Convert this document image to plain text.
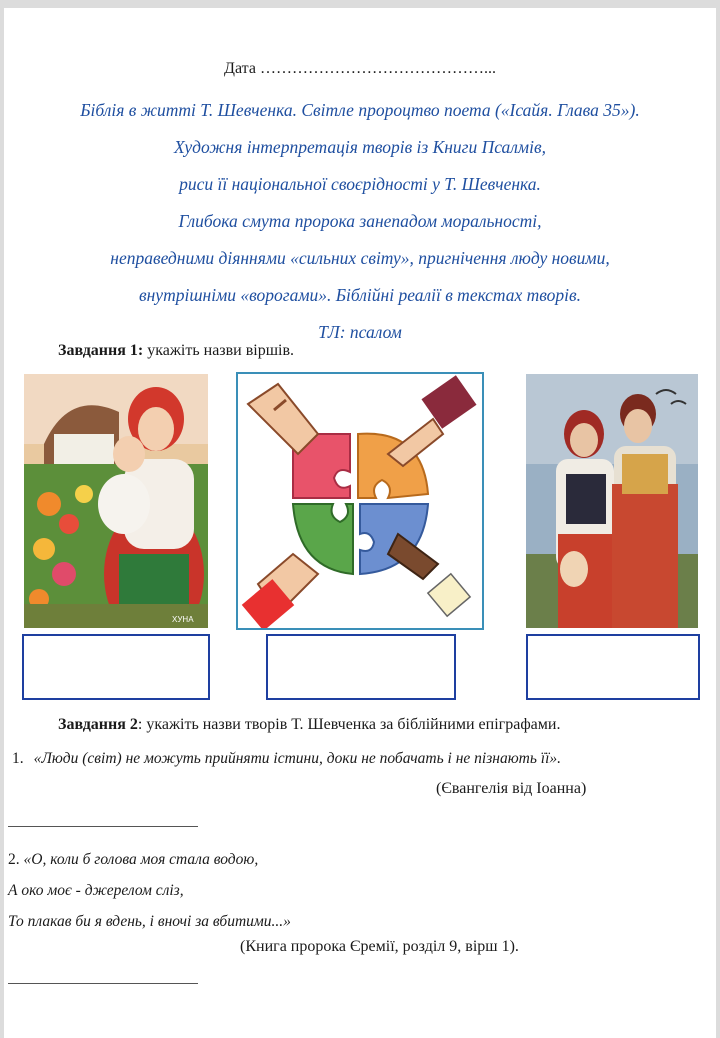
Дата ……………………………………...
Біблія в житті Т. Шевченка. Світле пророцтво поета («Ісайя. Глава 35»).
Художня інтерпретація творів із Книги Псалмів,
риси її національної своєрідності у Т. Шевченка.
Глибока смута пророка занепадом моральності,
неправедними діяннями «сильних світу», пригнічення люду новими,
внутрішніми «ворогами». Біблійні реалії в текстах творів.
ТЛ: псалом
Завдання 1: укажіть назви віршів.
ХУНА
Завдання 2: укажіть назви творів Т. Шевченка за біблійними епіграфами.
1. «Люди (світ) не можуть прийняти істини, доки не побачать і не пізнають її».
(Євангелія від Іоанна)
2. «О, коли б голова моя стала водою,
А око моє - джерелом сліз,
То плакав би я вдень, і вночі за вбитими...»
(Книга пророка Єремії, розділ 9, вірш 1).
